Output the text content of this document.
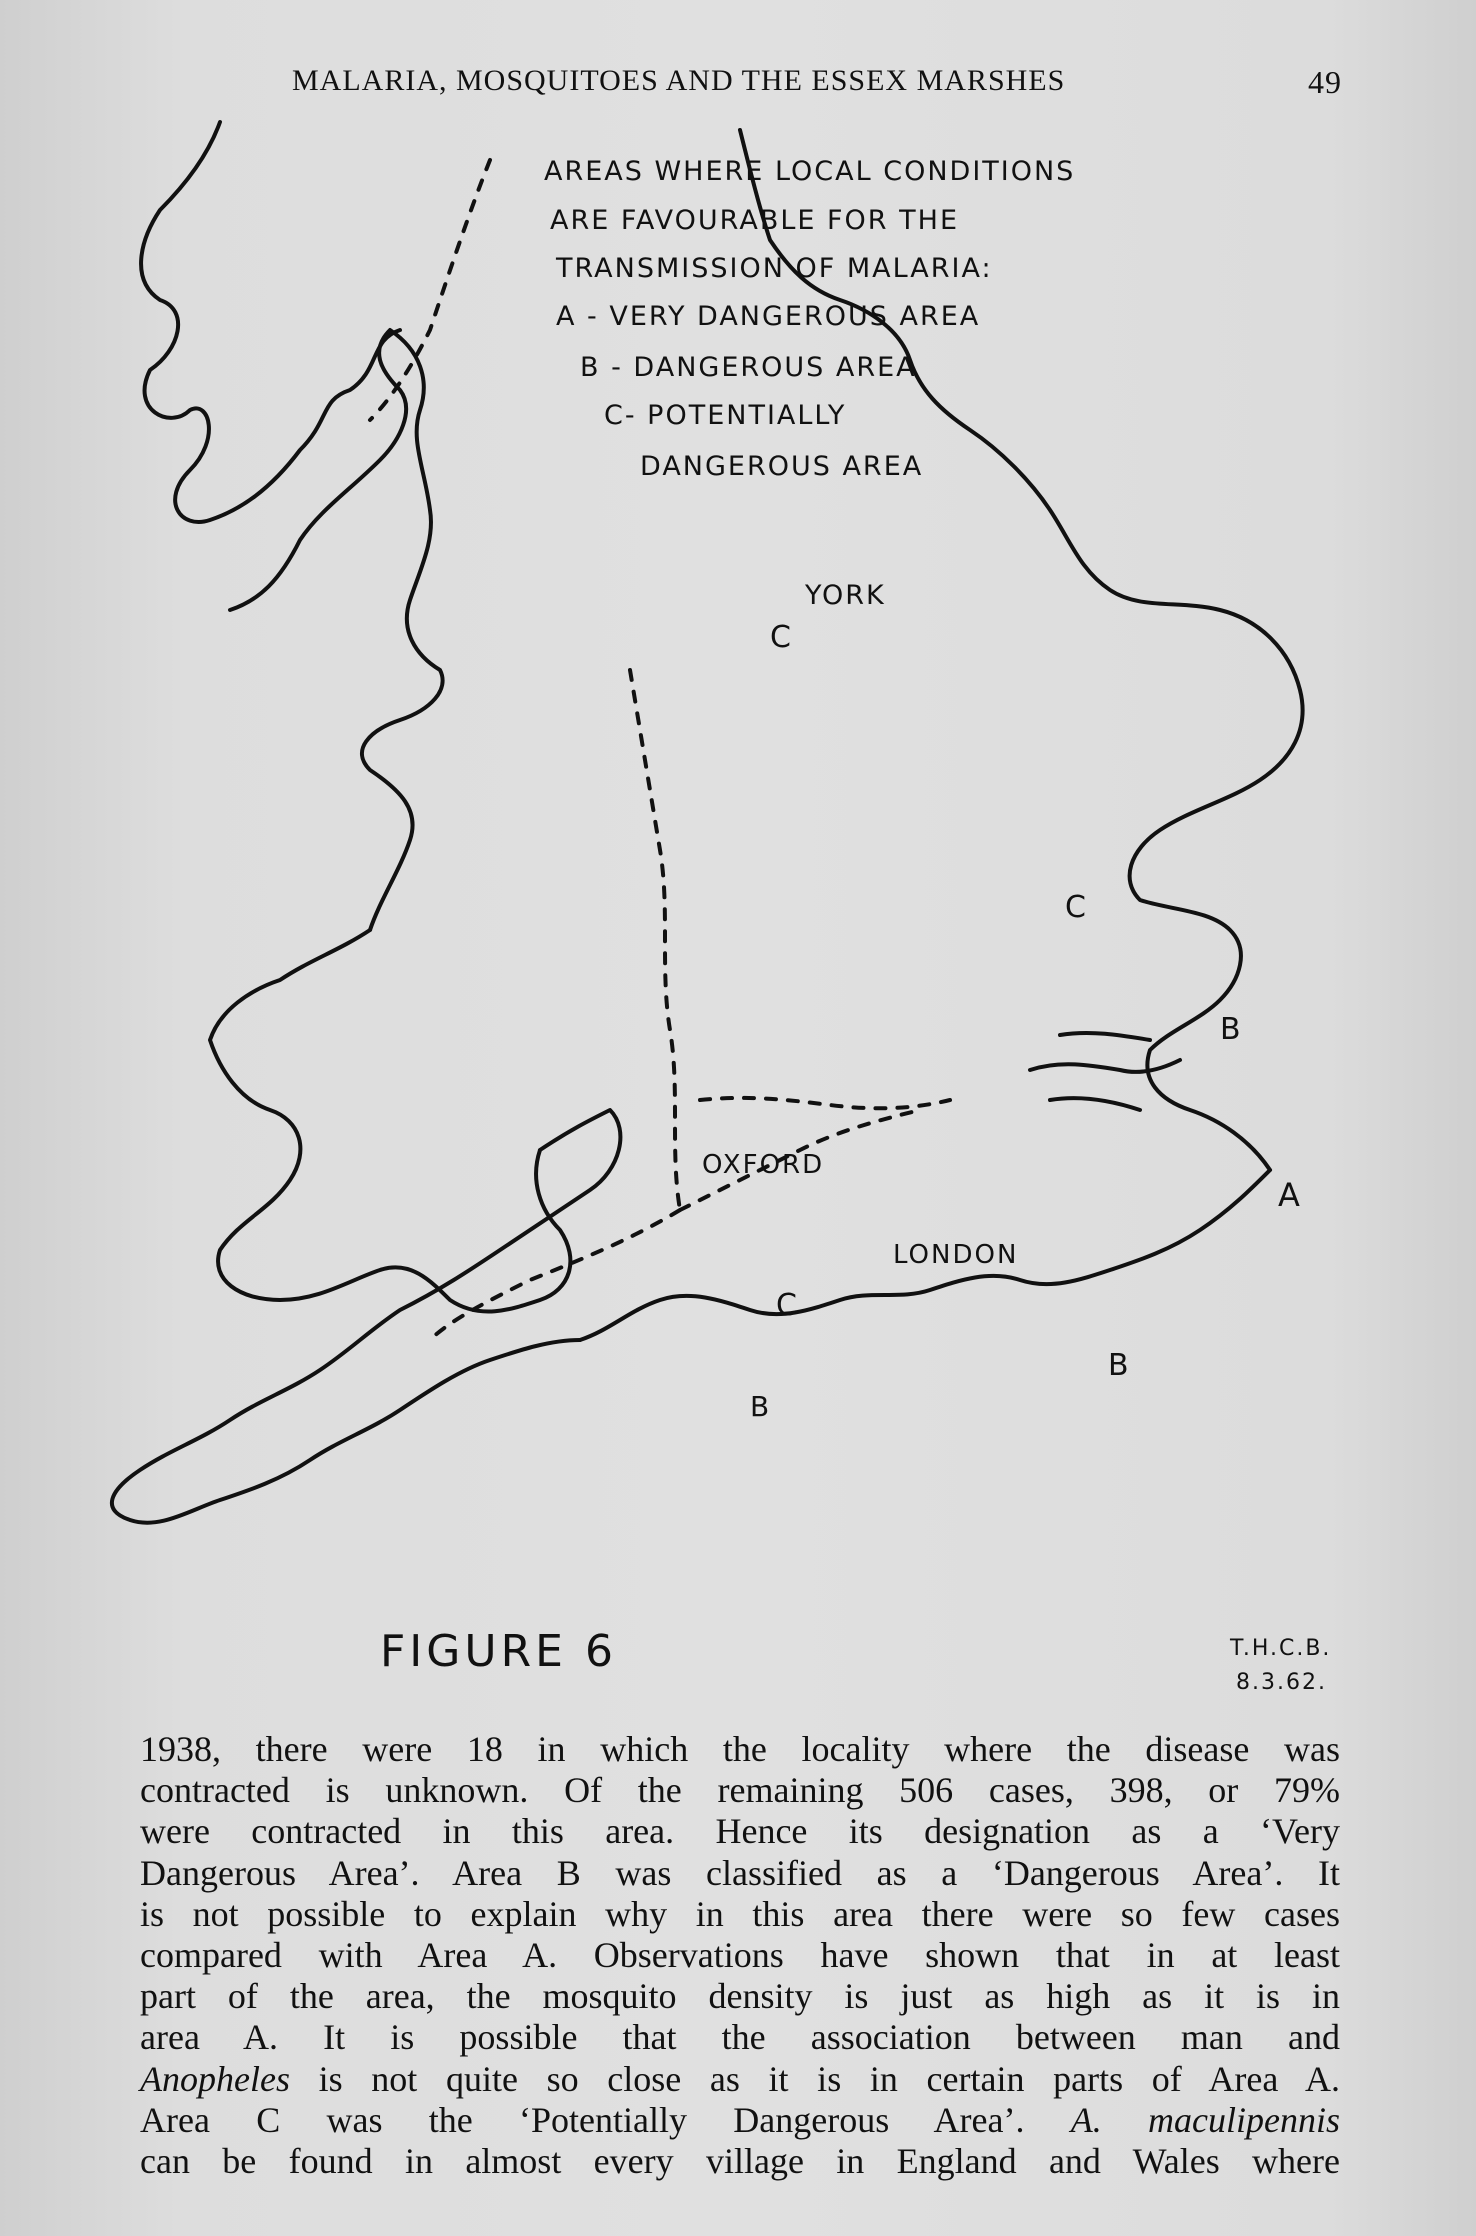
MALARIA, MOSQUITOES AND THE ESSEX MARSHES	49
AREAS WHERE LOCAL CONDITIONS
ARE FAVOURABLE FOR THE
TRANSMISSION OF MALARIA:
A - VERY DANGEROUS AREA
B - DANGEROUS AREA
C- POTENTIALLY
DANGEROUS AREA
YORK
C
C
B
OXFORD
A
LONDON
C
B
B
FIGURE 6	T.H.C.B.
8.3.62.
1938, there were 18 in which the locality where the disease was
contracted is unknown. Of the remaining 506 cases, 398, or 79%
were contracted in this area. Hence its designation as a ‘Very
Dangerous Area’. Area B was classified as a ‘Dangerous Area’. It
is not possible to explain why in this area there were so few cases
compared with Area A. Observations have shown that in at least
part of the area, the mosquito density is just as high as it is in
area A. It is possible that the association between man and
Anopheles is not quite so close as it is in certain parts of Area A.
Area C was the ‘Potentially Dangerous Area’. A. maculipennis
can be found in almost every village in England and Wales where
